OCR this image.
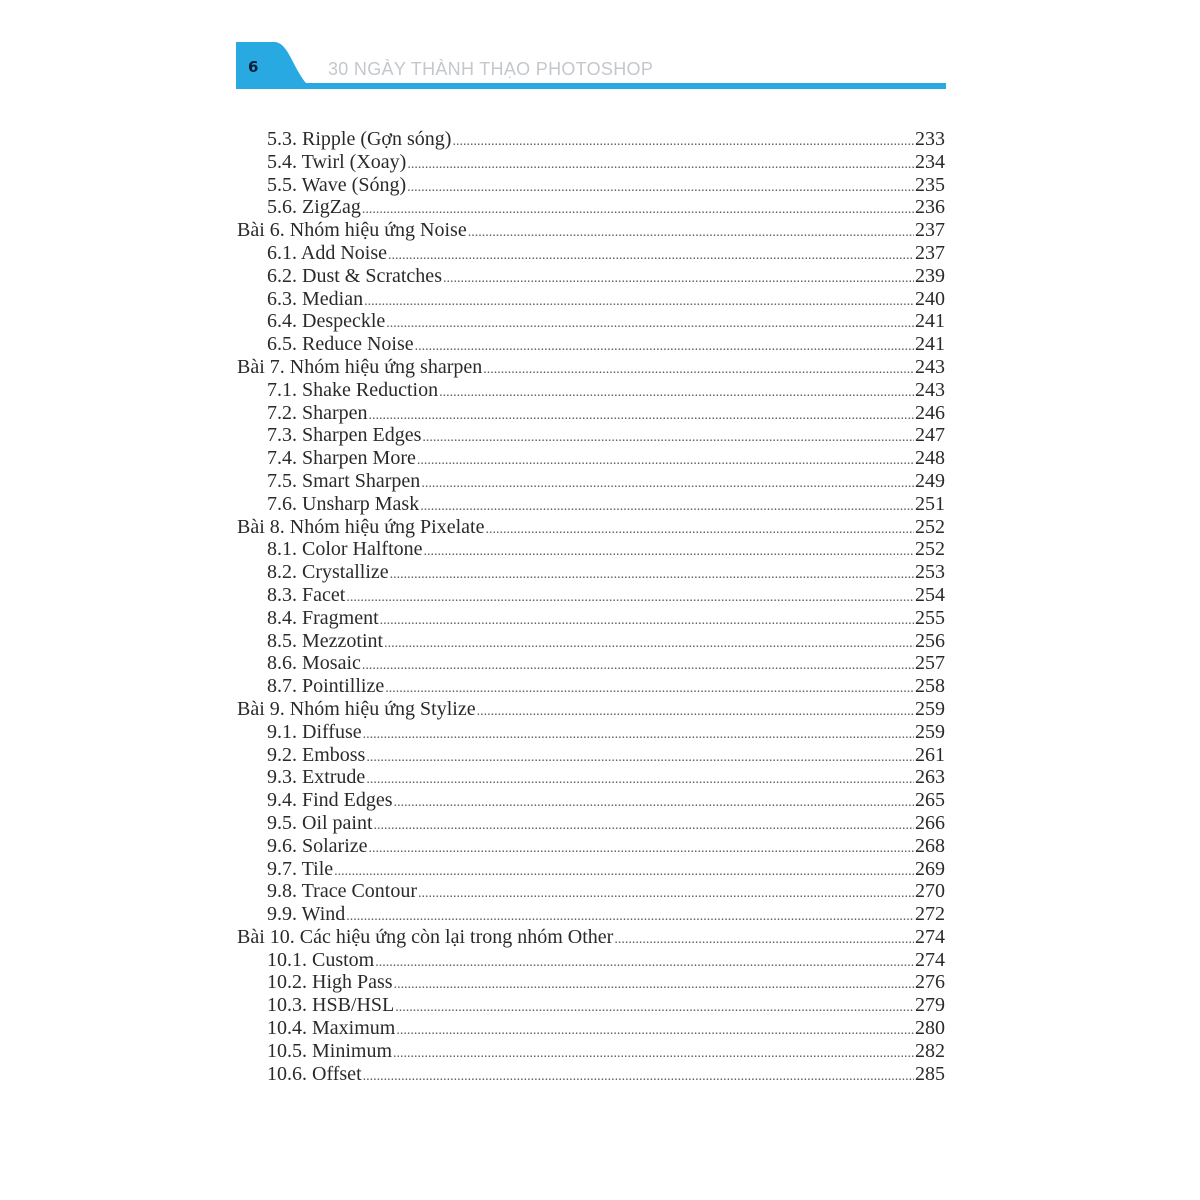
6	30 NGÀY THÀNH THẠO PHOTOSHOP
5.3. Ripple (Gợn sóng) .....	233
5.4. Twirl (Xoay) .....	234
5.5. Wave (Sóng) .....	235
5.6. ZigZag .....	236
Bài 6. Nhóm hiệu ứng Noise .....	237
6.1. Add Noise .....	237
6.2. Dust & Scratches .....	239
6.3. Median .....	240
6.4. Despeckle .....	241
6.5. Reduce Noise .....	241
Bài 7. Nhóm hiệu ứng sharpen .....	243
7.1. Shake Reduction .....	243
7.2. Sharpen .....	246
7.3. Sharpen Edges .....	247
7.4. Sharpen More .....	248
7.5. Smart Sharpen .....	249
7.6. Unsharp Mask .....	251
Bài 8. Nhóm hiệu ứng Pixelate .....	252
8.1. Color Halftone .....	252
8.2. Crystallize .....	253
8.3. Facet .....	254
8.4. Fragment .....	255
8.5. Mezzotint .....	256
8.6. Mosaic .....	257
8.7. Pointillize .....	258
Bài 9. Nhóm hiệu ứng Stylize .....	259
9.1. Diffuse .....	259
9.2. Emboss .....	261
9.3. Extrude .....	263
9.4. Find Edges .....	265
9.5. Oil paint .....	266
9.6. Solarize .....	268
9.7. Tile .....	269
9.8. Trace Contour .....	270
9.9. Wind .....	272
Bài 10. Các hiệu ứng còn lại trong nhóm Other .....	274
10.1. Custom .....	274
10.2. High Pass .....	276
10.3. HSB/HSL .....	279
10.4. Maximum .....	280
10.5. Minimum .....	282
10.6. Offset .....	285
